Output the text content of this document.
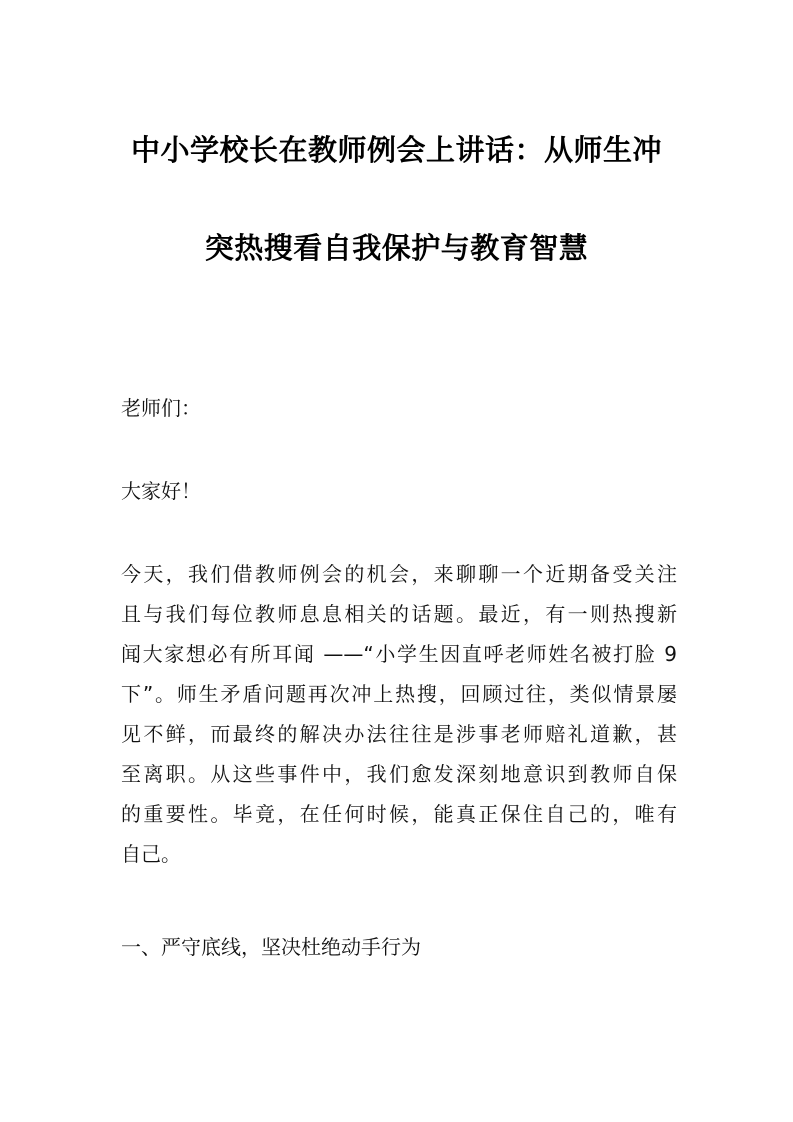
中小学校长在教师例会上讲话：从师生冲
突热搜看自我保护与教育智慧
老师们：
大家好！
今天，我们借教师例会的机会，来聊聊一个近期备受关注
且与我们每位教师息息相关的话题。最近，有一则热搜新
闻大家想必有所耳闻 ——“小学生因直呼老师姓名被打脸 9
下”。师生矛盾问题再次冲上热搜，回顾过往，类似情景屡
见不鲜，而最终的解决办法往往是涉事老师赔礼道歉，甚
至离职。从这些事件中，我们愈发深刻地意识到教师自保
的重要性。毕竟，在任何时候，能真正保住自己的，唯有
自己。
一、严守底线，坚决杜绝动手行为
